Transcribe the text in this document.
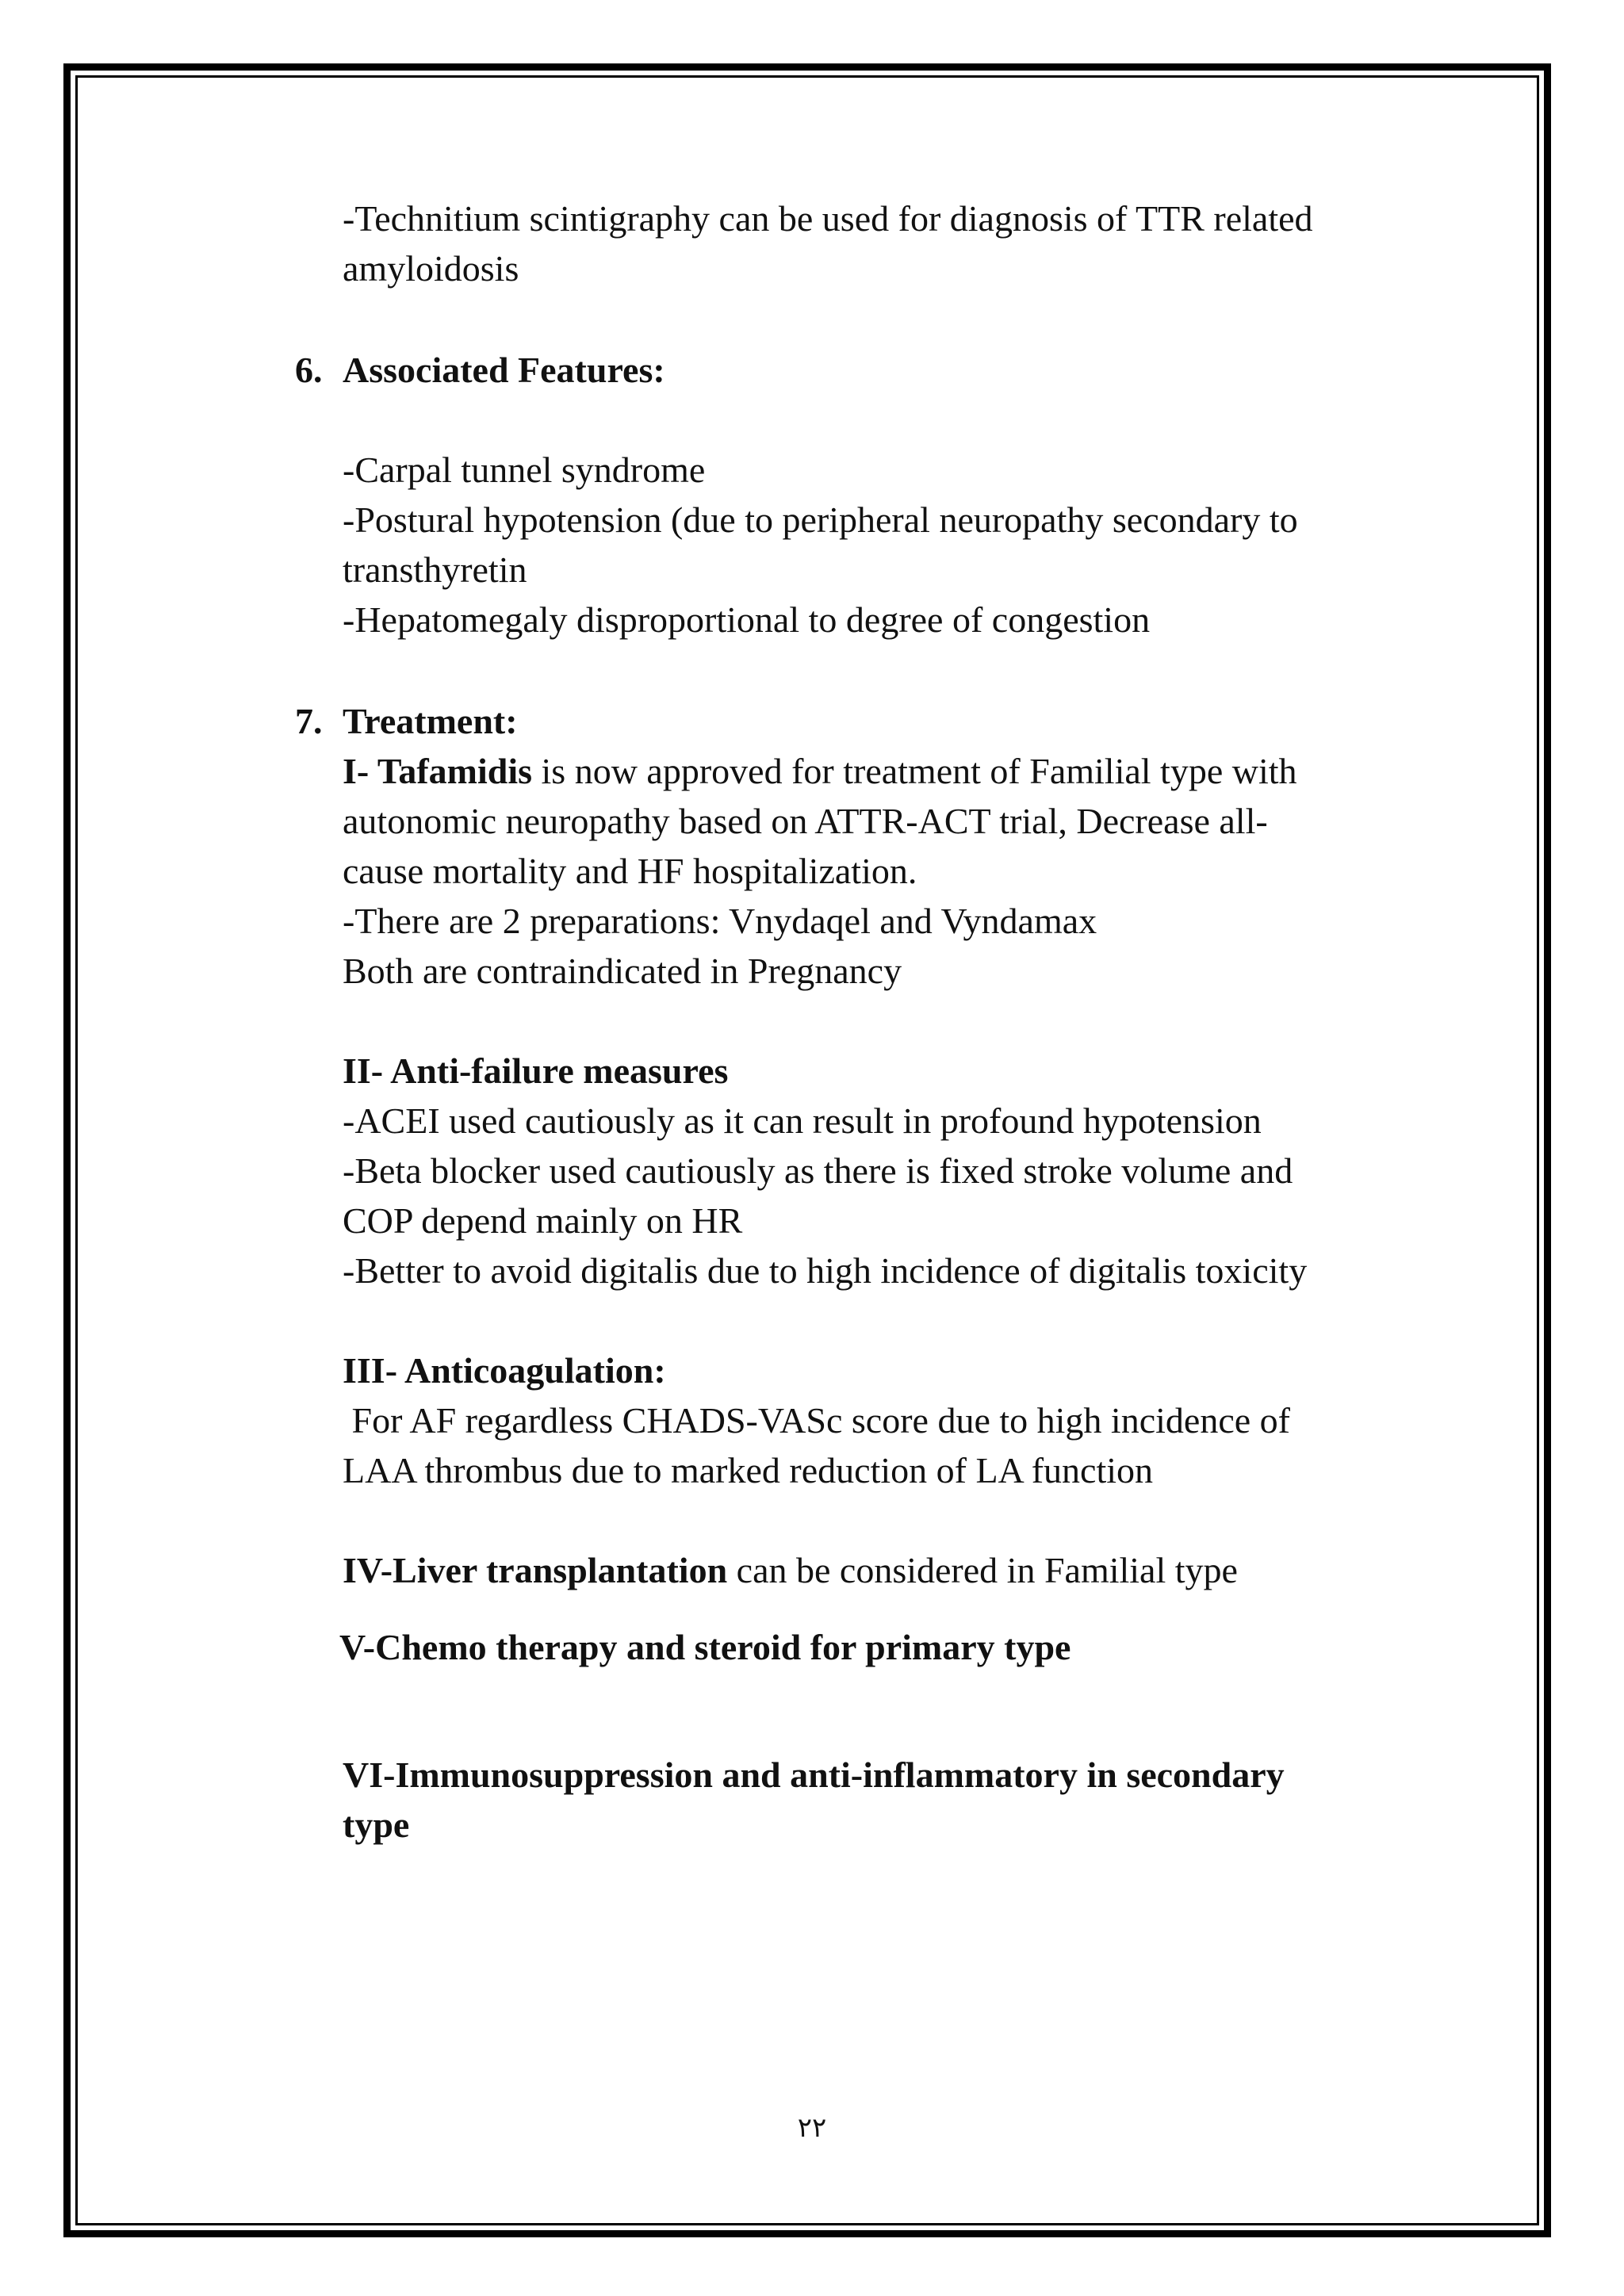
-Technitium scintigraphy can be used for diagnosis of TTR related
amyloidosis
6. Associated Features:
-Carpal tunnel syndrome
-Postural hypotension (due to peripheral neuropathy secondary to
transthyretin
-Hepatomegaly disproportional to degree of congestion
7. Treatment:
I- Tafamidis is now approved for treatment of Familial type with
autonomic neuropathy based on ATTR-ACT trial, Decrease all-
cause mortality and HF hospitalization.
-There are 2 preparations: Vnydaqel and Vyndamax
Both are contraindicated in Pregnancy
II- Anti-failure measures
-ACEI used cautiously as it can result in profound hypotension
-Beta blocker used cautiously as there is fixed stroke volume and
COP depend mainly on HR
-Better to avoid digitalis due to high incidence of digitalis toxicity
III- Anticoagulation:
For AF regardless CHADS-VASc score due to high incidence of
LAA thrombus due to marked reduction of LA function
IV-Liver transplantation can be considered in Familial type
V-Chemo therapy and steroid for primary type
VI-Immunosuppression and anti-inflammatory in secondary
type
٢٢
